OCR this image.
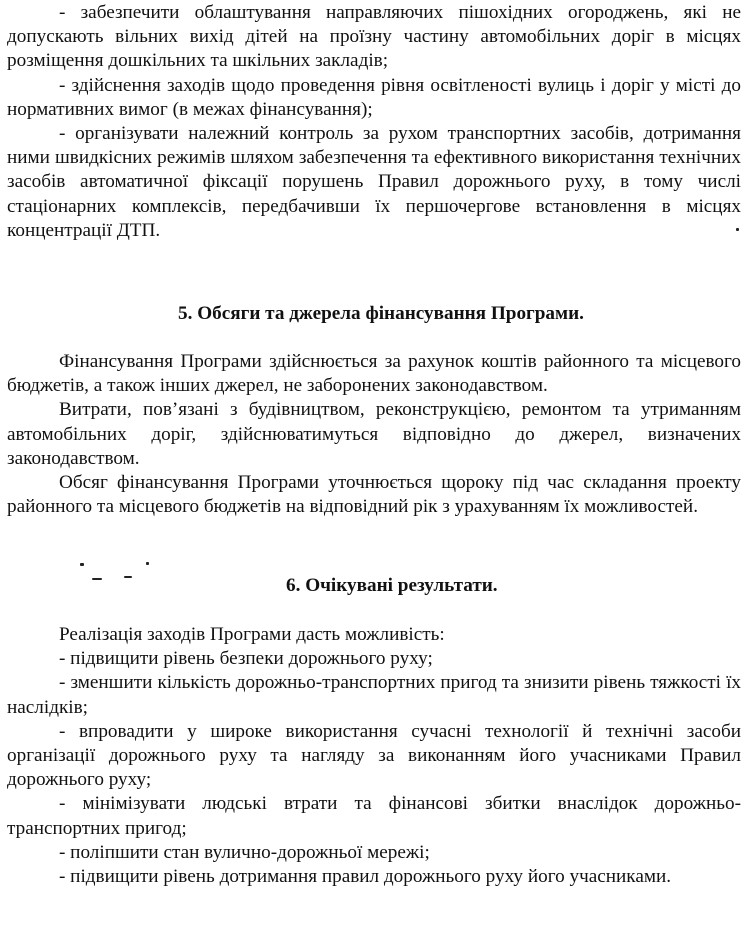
- забезпечити облаштування направляючих пішохідних огороджень, які не допускають вільних вихід дітей на проїзну частину автомобільних доріг в місцях розміщення дошкільних та шкільних закладів;

- здійснення заходів щодо проведення рівня освітленості вулиць і доріг у місті до нормативних вимог (в межах фінансування);

- організувати належний контроль за рухом транспортних засобів, дотримання ними швидкісних режимів шляхом забезпечення та ефективного використання технічних засобів автоматичної фіксації порушень Правил дорожнього руху, в тому числі стаціонарних комплексів, передбачивши їх першочергове встановлення в місцях концентрації ДТП.

5. Обсяги та джерела фінансування Програми.

Фінансування Програми здійснюється за рахунок коштів районного та місцевого бюджетів, а також інших джерел, не заборонених законодавством.

Витрати, пов’язані з будівництвом, реконструкцією, ремонтом та утриманням автомобільних доріг, здійснюватимуться відповідно до джерел, визначених законодавством.

Обсяг фінансування Програми уточнюється щороку під час складання проекту районного та місцевого бюджетів на відповідний рік з урахуванням їх можливостей.

6. Очікувані результати.

Реалізація заходів Програми дасть можливість:

- підвищити рівень безпеки дорожнього руху;

- зменшити кількість дорожньо-транспортних пригод та знизити рівень тяжкості їх наслідків;

- впровадити у широке використання сучасні технології й технічні засоби організації дорожнього руху та нагляду за виконанням його учасниками Правил дорожнього руху;

- мінімізувати людські втрати та фінансові збитки внаслідок дорожньо-транспортних пригод;

- поліпшити стан вулично-дорожньої мережі;

- підвищити рівень дотримання правил дорожнього руху його учасниками.
